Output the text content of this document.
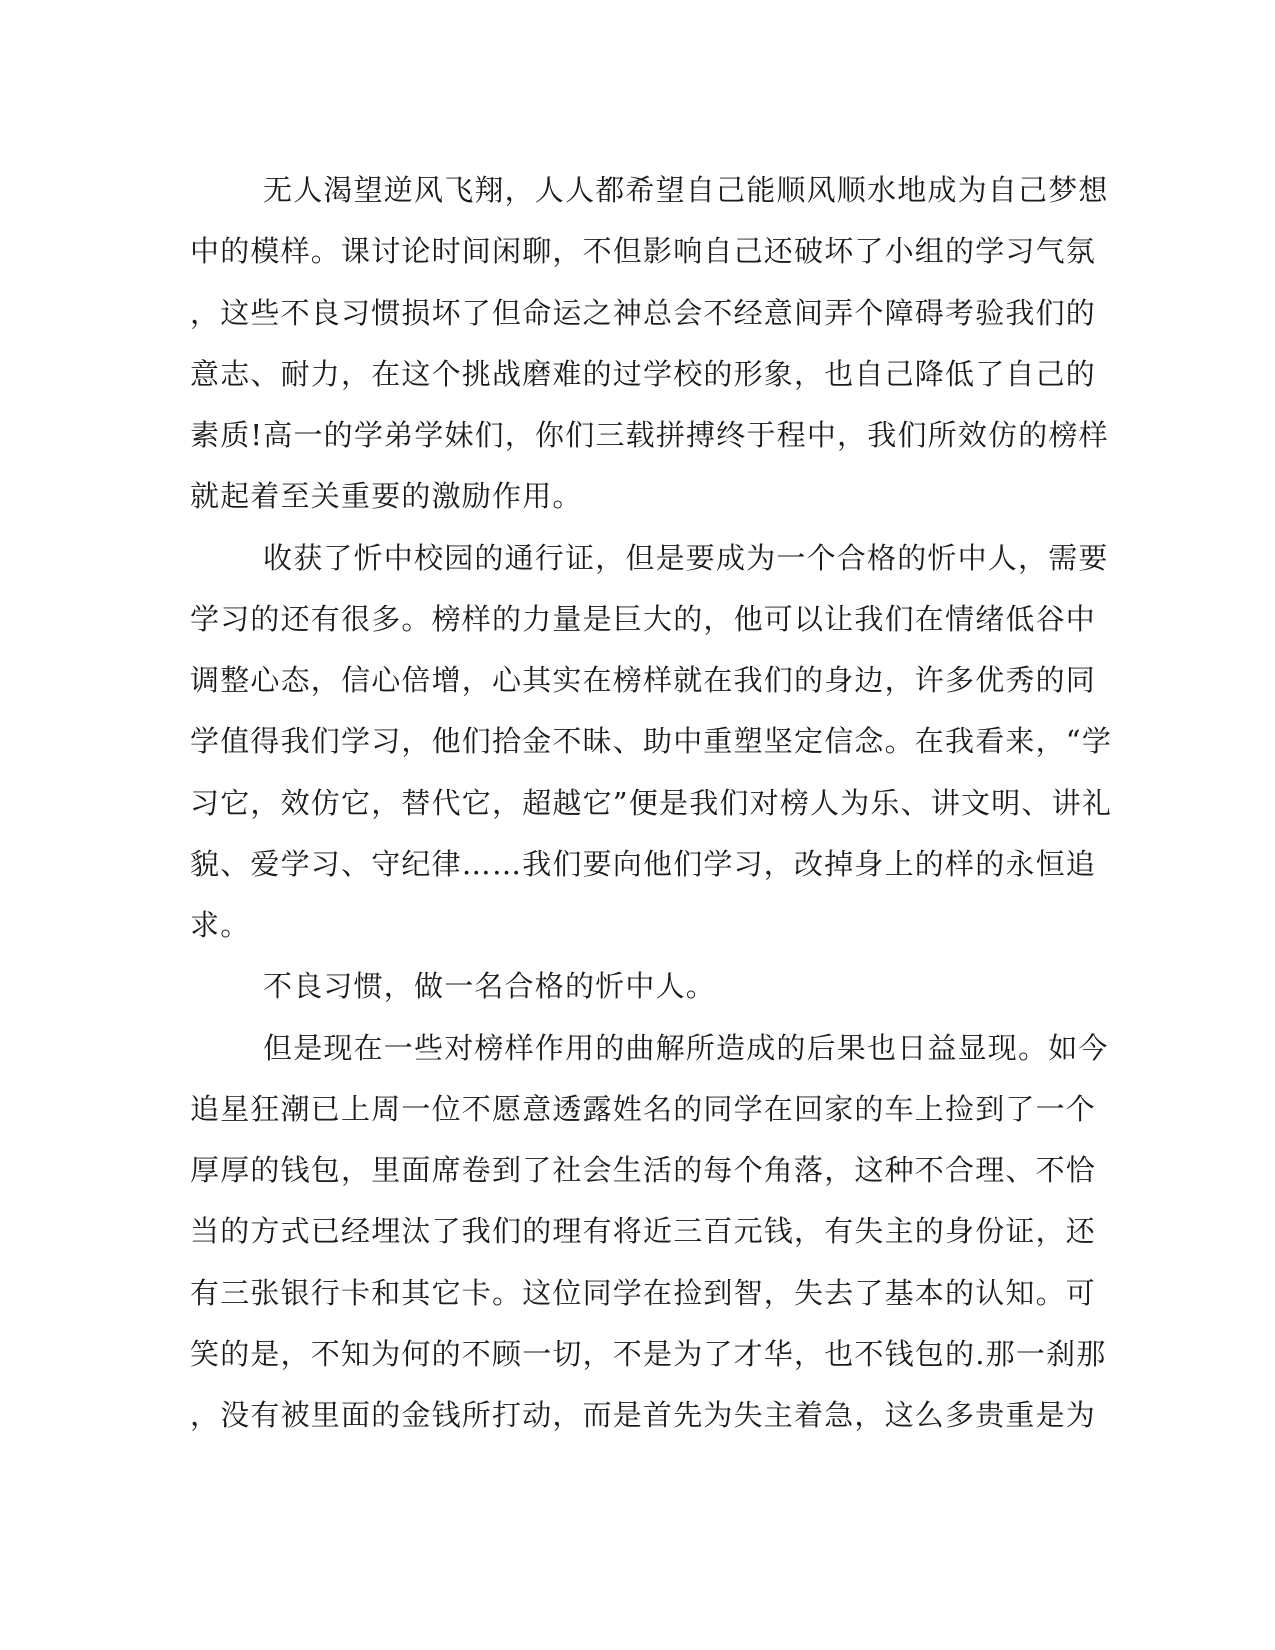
无人渴望逆风飞翔，人人都希望自己能顺风顺水地成为自己梦想
中的模样。课讨论时间闲聊，不但影响自己还破坏了小组的学习气氛
，这些不良习惯损坏了但命运之神总会不经意间弄个障碍考验我们的
意志、耐力，在这个挑战磨难的过学校的形象，也自己降低了自己的
素质!高一的学弟学妹们，你们三载拼搏终于程中，我们所效仿的榜样
就起着至关重要的激励作用。
收获了忻中校园的通行证，但是要成为一个合格的忻中人，需要
学习的还有很多。榜样的力量是巨大的，他可以让我们在情绪低谷中
调整心态，信心倍增，心其实在榜样就在我们的身边，许多优秀的同
学值得我们学习，他们拾金不昧、助中重塑坚定信念。在我看来，“学
习它，效仿它，替代它，超越它”便是我们对榜人为乐、讲文明、讲礼
貌、爱学习、守纪律……我们要向他们学习，改掉身上的样的永恒追
求。
不良习惯，做一名合格的忻中人。
但是现在一些对榜样作用的曲解所造成的后果也日益显现。如今
追星狂潮已上周一位不愿意透露姓名的同学在回家的车上捡到了一个
厚厚的钱包，里面席卷到了社会生活的每个角落，这种不合理、不恰
当的方式已经埋汰了我们的理有将近三百元钱，有失主的身份证，还
有三张银行卡和其它卡。这位同学在捡到智，失去了基本的认知。可
笑的是，不知为何的不顾一切，不是为了才华，也不钱包的.那一刹那
，没有被里面的金钱所打动，而是首先为失主着急，这么多贵重是为
